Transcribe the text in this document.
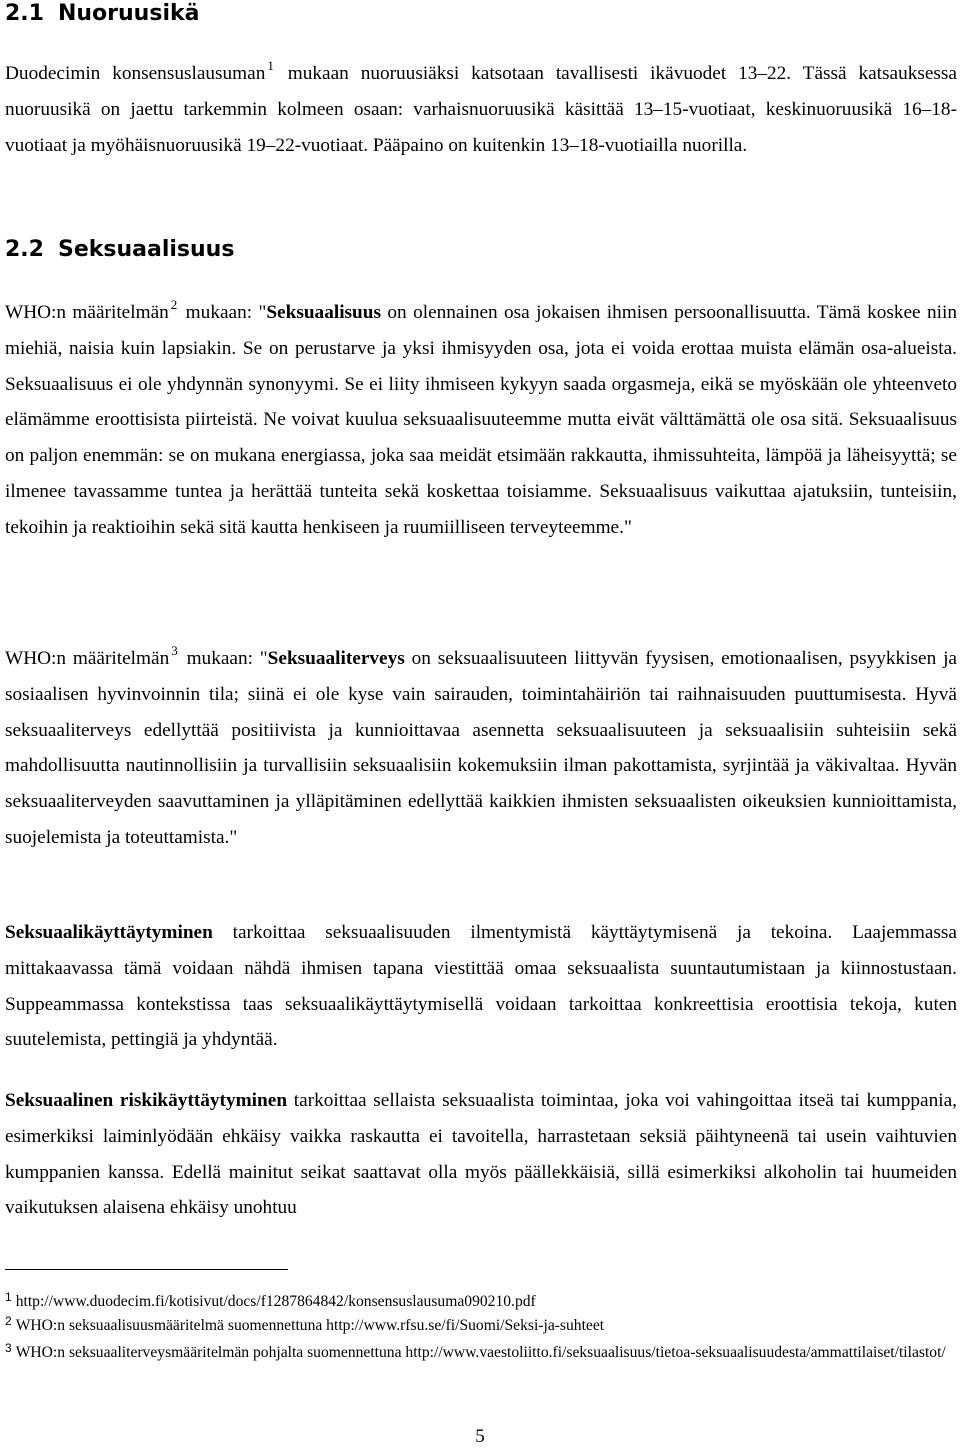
2.1 Nuoruusikä

Duodecimin konsensuslausuman $^1$ mukaan nuoruusiäksi katsotaan tavallisesti ikävuodet 13–22. Tässä katsauksessa nuoruusikä on jaettu tarkemmin kolmeen osaan: varhaisnuoruusikä käsittää 13–15-vuotiaat, keskinuoruusikä 16–18-vuotiaat ja myöhäisnuoruusikä 19–22-vuotiaat. Pääpaino on kuitenkin 13–18-vuotiailla nuorilla.

2.2 Seksuaalisuus

WHO:n määritelmän $^2$ mukaan: "Seksuaalisuus on olennainen osa jokaisen ihmisen persoonallisuutta. Tämä koskee niin miehiä, naisia kuin lapsiakin. Se on perustarve ja yksi ihmisyyden osa, jota ei voida erottaa muista elämän osa-alueista. Seksuaalisuus ei ole yhdynnän synonyymi. Se ei liity ihmiseen kykyyn saada orgasmeja, eikä se myöskään ole yhteenveto elämämme eroottisista piirteistä. Ne voivat kuulua seksuaalisuuteemme mutta eivät välttämättä ole osa sitä. Seksuaalisuus on paljon enemmän: se on mukana energiassa, joka saa meidät etsimään rakkautta, ihmissuhteita, lämpöä ja läheisyyttä; se ilmenee tavassamme tuntea ja herättää tunteita sekä koskettaa toisiamme. Seksuaalisuus vaikuttaa ajatuksiin, tunteisiin, tekoihin ja reaktioihin sekä sitä kautta henkiseen ja ruumiilliseen terveyteemme."

WHO:n määritelmän $^3$ mukaan: "Seksuaaliterveys on seksuaalisuuteen liittyvän fyysisen, emotionaalisen, psyykkisen ja sosiaalisen hyvinvoinnin tila; siinä ei ole kyse vain sairauden, toimintahäiriön tai raihnaisuuden puuttumisesta. Hyvä seksuaaliterveys edellyttää positiivista ja kunnioittavaa asennetta seksuaalisuuteen ja seksuaalisiin suhteisiin sekä mahdollisuutta nautinnollisiin ja turvallisiin seksuaalisiin kokemuksiin ilman pakottamista, syrjintää ja väkivaltaa. Hyvän seksuaaliterveyden saavuttaminen ja ylläpitäminen edellyttää kaikkien ihmisten seksuaalisten oikeuksien kunnioittamista, suojelemista ja toteuttamista."

Seksuaalikäyttäytyminen tarkoittaa seksuaalisuuden ilmentymistä käyttäytymisenä ja tekoina. Laajemmassa mittakaavassa tämä voidaan nähdä ihmisen tapana viestittää omaa seksuaalista suuntautumistaan ja kiinnostustaan. Suppeammassa kontekstissa taas seksuaalikäyttäytymisellä voidaan tarkoittaa konkreettisia eroottisia tekoja, kuten suutelemista, pettingiä ja yhdyntää.

Seksuaalinen riskikäyttäytyminen tarkoittaa sellaista seksuaalista toimintaa, joka voi vahingoittaa itseä tai kumppania, esimerkiksi laiminlyödään ehkäisy vaikka raskautta ei tavoitella, harrastetaan seksiä päihtyneenä tai usein vaihtuvien kumppanien kanssa. Edellä mainitut seikat saattavat olla myös päällekkäisiä, sillä esimerkiksi alkoholin tai huumeiden vaikutuksen alaisena ehkäisy unohtuu

$^1$ http://www.duodecim.fi/kotisivut/docs/f1287864842/konsensuslausuma090210.pdf

$^2$ WHO:n seksuaalisuusmääritelmä suomennettuna http://www.rfsu.se/fi/Suomi/Seksi-ja-suhteet

$^3$ WHO:n seksuaaliterveysmääritelmän pohjalta suomennettuna http://www.vaestoliitto.fi/seksuaalisuus/tietoa-seksuaalisuudesta/ammattilaiset/tilastot/

5
